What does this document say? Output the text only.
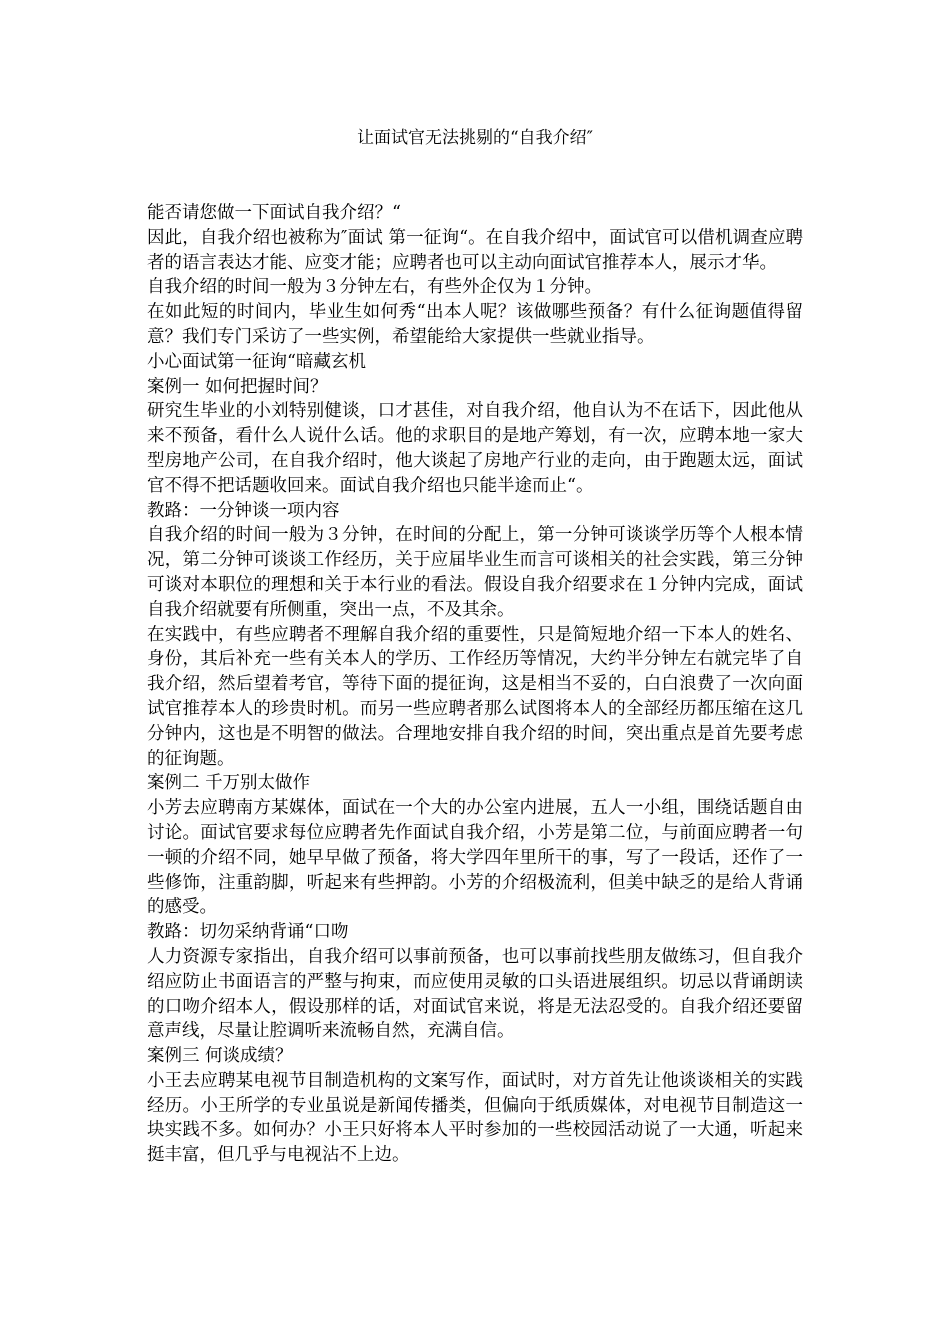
让面试官无法挑剔的“自我介绍″

能否请您做一下面试自我介绍？“

因此，自我介绍也被称为″面试 第一征询“。在自我介绍中，面试官可以借机调查应聘者的语言表达才能、应变才能；应聘者也可以主动向面试官推荐本人，展示才华。

自我介绍的时间一般为３分钟左右，有些外企仅为１分钟。

在如此短的时间内，毕业生如何秀“出本人呢？该做哪些预备？有什么征询题值得留意？我们专门采访了一些实例，希望能给大家提供一些就业指导。

小心面试第一征询“暗藏玄机

案例一 如何把握时间？

研究生毕业的小刘特别健谈，口才甚佳，对自我介绍，他自认为不在话下，因此他从来不预备，看什么人说什么话。他的求职目的是地产筹划，有一次，应聘本地一家大型房地产公司，在自我介绍时，他大谈起了房地产行业的走向，由于跑题太远，面试官不得不把话题收回来。面试自我介绍也只能半途而止“。

教路：一分钟谈一项内容

自我介绍的时间一般为３分钟，在时间的分配上，第一分钟可谈谈学历等个人根本情况，第二分钟可谈谈工作经历，关于应届毕业生而言可谈相关的社会实践，第三分钟可谈对本职位的理想和关于本行业的看法。假设自我介绍要求在１分钟内完成，面试自我介绍就要有所侧重，突出一点，不及其余。

在实践中，有些应聘者不理解自我介绍的重要性，只是简短地介绍一下本人的姓名、身份，其后补充一些有关本人的学历、工作经历等情况，大约半分钟左右就完毕了自我介绍，然后望着考官，等待下面的提征询，这是相当不妥的，白白浪费了一次向面试官推荐本人的珍贵时机。而另一些应聘者那么试图将本人的全部经历都压缩在这几分钟内，这也是不明智的做法。合理地安排自我介绍的时间，突出重点是首先要考虑的征询题。

案例二 千万别太做作

小芳去应聘南方某媒体，面试在一个大的办公室内进展，五人一小组，围绕话题自由讨论。面试官要求每位应聘者先作面试自我介绍，小芳是第二位，与前面应聘者一句一顿的介绍不同，她早早做了预备，将大学四年里所干的事，写了一段话，还作了一些修饰，注重韵脚，听起来有些押韵。小芳的介绍极流利，但美中缺乏的是给人背诵的感受。

教路：切勿采纳背诵“口吻

人力资源专家指出，自我介绍可以事前预备，也可以事前找些朋友做练习，但自我介绍应防止书面语言的严整与拘束，而应使用灵敏的口头语进展组织。切忌以背诵朗读的口吻介绍本人，假设那样的话，对面试官来说，将是无法忍受的。自我介绍还要留意声线，尽量让腔调听来流畅自然，充满自信。

案例三 何谈成绩？

小王去应聘某电视节目制造机构的文案写作，面试时，对方首先让他谈谈相关的实践经历。小王所学的专业虽说是新闻传播类，但偏向于纸质媒体，对电视节目制造这一块实践不多。如何办？小王只好将本人平时参加的一些校园活动说了一大通，听起来挺丰富，但几乎与电视沾不上边。
